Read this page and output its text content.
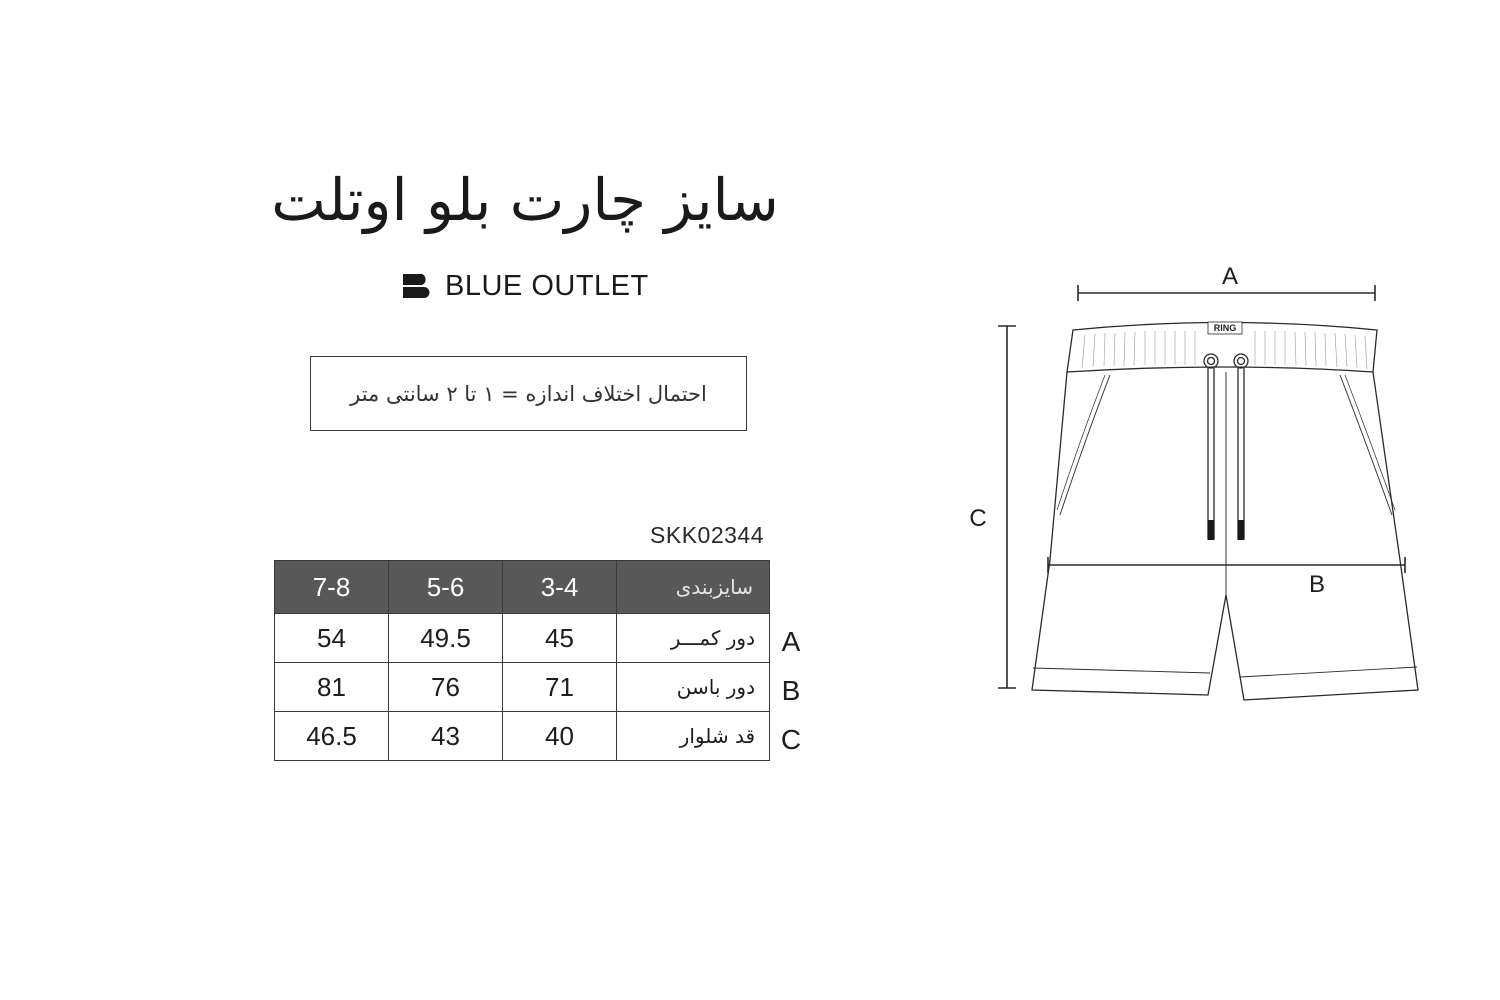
سایز چارت بلو اوتلت
BLUE OUTLET
احتمال اختلاف اندازه = ۱ تا ۲ سانتی متر
SKK02344
سایزبندی	3-4	5-6	7-8
دور کمـــر	45	49.5	54
دور باسن	71	76	81
قد شلوار	40	43	46.5
A
B
C
RING
A
B
C
